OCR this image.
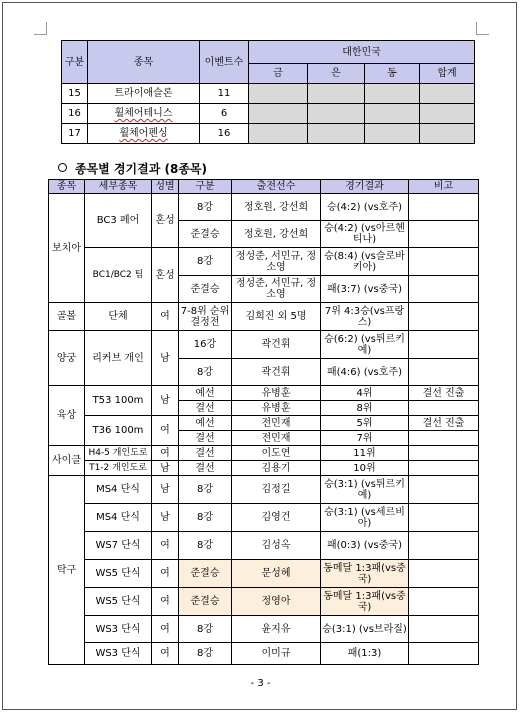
구분	종목	이벤트수	대한민국			
			금	은	동	합계
15	트라이애슬론	11				
16	휠체어테니스	6				
17	휠체어펜싱	16				
종목별 경기결과 (8종목)
종목	세부종목	성별	구분	출전선수	경기결과	비고
보치아	BC3 페어	혼성	8강	정호원, 강선희	승(4:2) (vs호주)	
			준결승	정호원, 강선희	승(4:2) (vs아르헨티나)	
	BC1/BC2 팀	혼성	8강	정성준, 서민규, 정소영	승(8:4) (vs슬로바키아)	
			준결승	정성준, 서민규, 정소영	패(3:7) (vs중국)	
골볼	단체	여	7-8위 순위 결정전	김희진 외 5명	7위 4:3승(vs프랑스)	
양궁	리커브 개인	남	16강	곽건휘	승(6:2) (vs튀르키예)	
			8강	곽건휘	패(4:6) (vs호주)	
육상	T53 100m	남	예선	유병훈	4위	결선 진출
			결선	유병훈	8위	
	T36 100m	여	예선	전민재	5위	결선 진출
			결선	전민재	7위	
사이클	H4-5 개인도로	여	결선	이도연	11위	
	T1-2 개인도로	남	결선	김용기	10위	
탁구	MS4 단식	남	8강	김정길	승(3:1) (vs튀르키예)	
	MS4 단식	남	8강	김영건	승(3:1) (vs세르비아)	
	WS7 단식	여	8강	김성옥	패(0:3) (vs중국)	
	WS5 단식	여	준결승	문성혜	동메달 1:3패(vs중국)	
	WS5 단식	여	준결승	정영아	동메달 1:3패(vs중국)	
	WS3 단식	여	8강	윤지유	승(3:1) (vs브라질)	
	WS3 단식	여	8강	이미규	패(1:3)	
- 3 -
